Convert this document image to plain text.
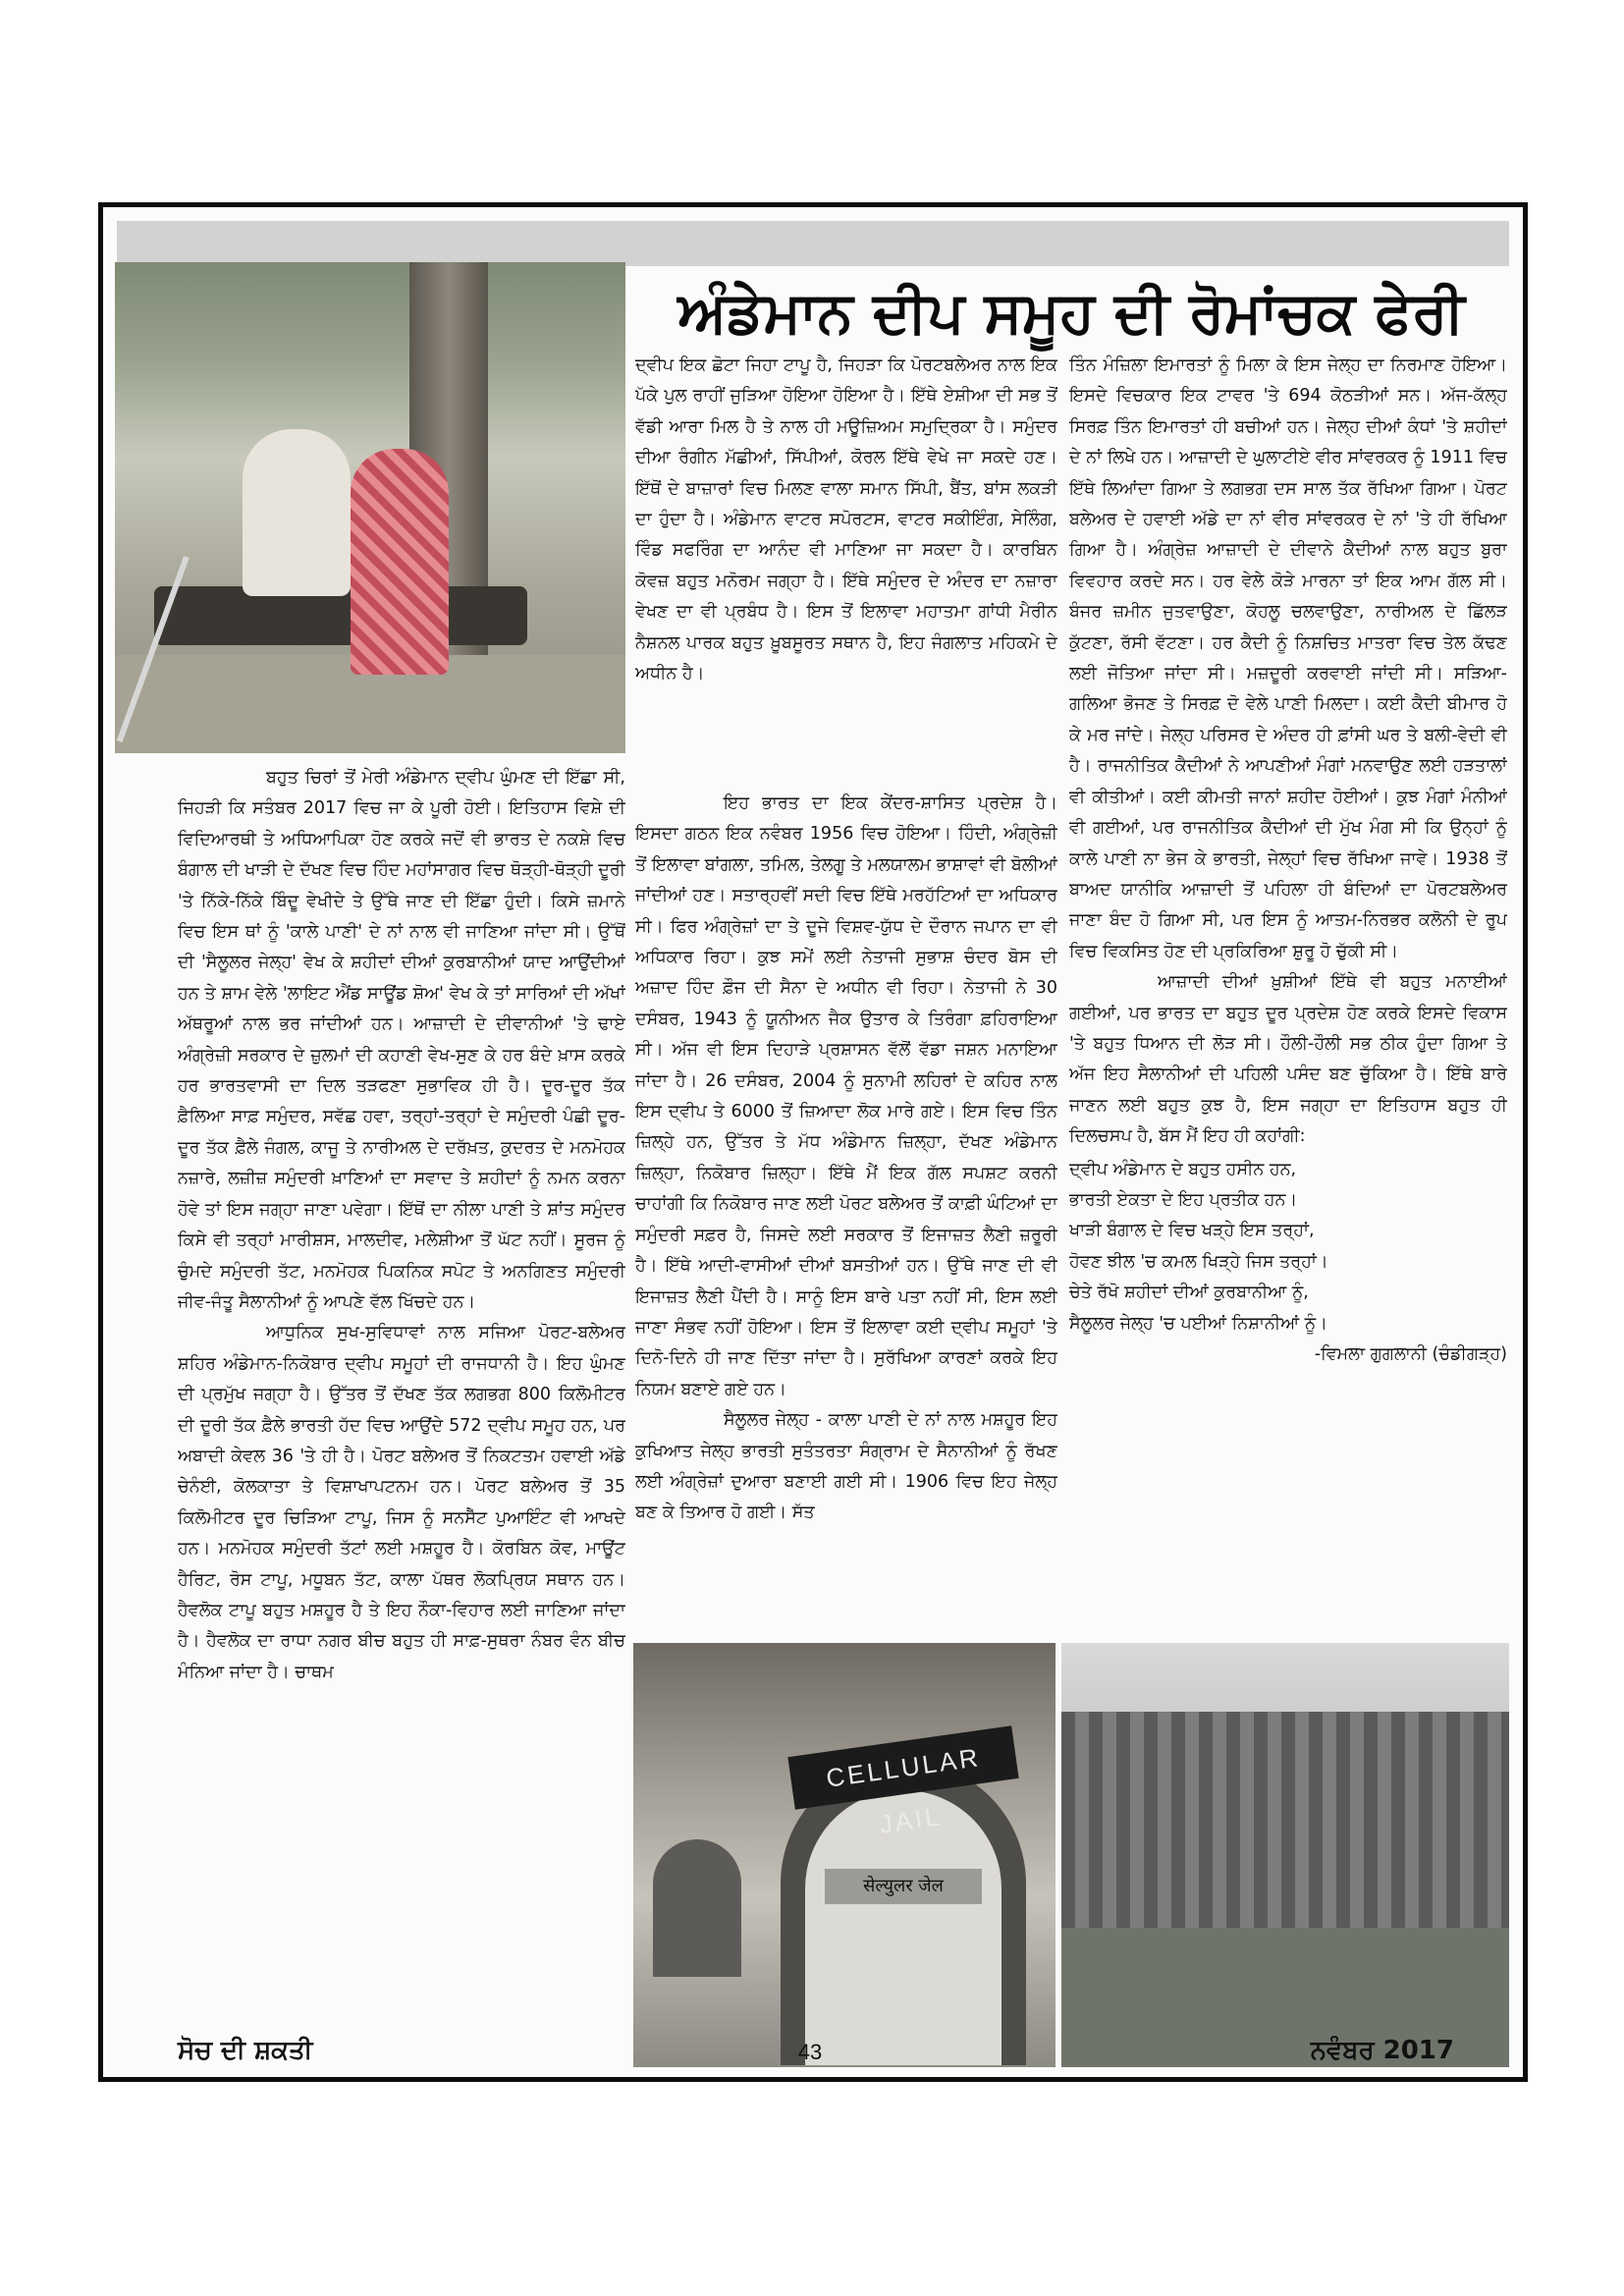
ਅੰਡੇਮਾਨ ਦੀਪ ਸਮੂਹ ਦੀ ਰੋਮਾਂਚਕ ਫੇਰੀ

ਬਹੁਤ ਚਿਰਾਂ ਤੋਂ ਮੇਰੀ ਅੰਡੇਮਾਨ ਦ੍ਵੀਪ ਘੁੰਮਣ ਦੀ ਇੱਛਾ ਸੀ, ਜਿਹੜੀ ਕਿ ਸਤੰਬਰ 2017 ਵਿਚ ਜਾ ਕੇ ਪੂਰੀ ਹੋਈ। ਇਤਿਹਾਸ ਵਿਸ਼ੇ ਦੀ ਵਿਦਿਆਰਥੀ ਤੇ ਅਧਿਆਪਿਕਾ ਹੋਣ ਕਰਕੇ ਜਦੋਂ ਵੀ ਭਾਰਤ ਦੇ ਨਕਸ਼ੇ ਵਿਚ ਬੰਗਾਲ ਦੀ ਖਾੜੀ ਦੇ ਦੱਖਣ ਵਿਚ ਹਿੰਦ ਮਹਾਂਸਾਗਰ ਵਿਚ ਥੋੜ੍ਹੀ-ਥੋੜ੍ਹੀ ਦੂਰੀ 'ਤੇ ਨਿੱਕੇ-ਨਿੱਕੇ ਬਿੰਦੂ ਵੇਖੀਦੇ ਤੇ ਉੱਥੇ ਜਾਣ ਦੀ ਇੱਛਾ ਹੁੰਦੀ। ਕਿਸੇ ਜ਼ਮਾਨੇ ਵਿਚ ਇਸ ਥਾਂ ਨੂੰ 'ਕਾਲੇ ਪਾਣੀ' ਦੇ ਨਾਂ ਨਾਲ ਵੀ ਜਾਣਿਆ ਜਾਂਦਾ ਸੀ। ਉੱਥੋਂ ਦੀ 'ਸੈਲੂਲਰ ਜੇਲ੍ਹ' ਵੇਖ ਕੇ ਸ਼ਹੀਦਾਂ ਦੀਆਂ ਕੁਰਬਾਨੀਆਂ ਯਾਦ ਆਉਂਦੀਆਂ ਹਨ ਤੇ ਸ਼ਾਮ ਵੇਲੇ 'ਲਾਇਟ ਐਂਡ ਸਾਊਂਡ ਸ਼ੋਅ' ਵੇਖ ਕੇ ਤਾਂ ਸਾਰਿਆਂ ਦੀ ਅੱਖਾਂ ਅੱਥਰੂਆਂ ਨਾਲ ਭਰ ਜਾਂਦੀਆਂ ਹਨ। ਆਜ਼ਾਦੀ ਦੇ ਦੀਵਾਨੀਆਂ 'ਤੇ ਢਾਏ ਅੰਗ੍ਰੇਜ਼ੀ ਸਰਕਾਰ ਦੇ ਜ਼ੁਲਮਾਂ ਦੀ ਕਹਾਣੀ ਵੇਖ-ਸੁਣ ਕੇ ਹਰ ਬੰਦੇ ਖ਼ਾਸ ਕਰਕੇ ਹਰ ਭਾਰਤਵਾਸੀ ਦਾ ਦਿਲ ਤੜਫਣਾ ਸੁਭਾਵਿਕ ਹੀ ਹੈ। ਦੂਰ-ਦੂਰ ਤੱਕ ਫ਼ੈਲਿਆ ਸਾਫ਼ ਸਮੁੰਦਰ, ਸਵੱਛ ਹਵਾ, ਤਰ੍ਹਾਂ-ਤਰ੍ਹਾਂ ਦੇ ਸਮੁੰਦਰੀ ਪੰਛੀ ਦੂਰ-ਦੂਰ ਤੱਕ ਫ਼ੈਲੇ ਜੰਗਲ, ਕਾਜੂ ਤੇ ਨਾਰੀਅਲ ਦੇ ਦਰੱਖ਼ਤ, ਕੁਦਰਤ ਦੇ ਮਨਮੋਹਕ ਨਜ਼ਾਰੇ, ਲਜ਼ੀਜ਼ ਸਮੁੰਦਰੀ ਖ਼ਾਣਿਆਂ ਦਾ ਸਵਾਦ ਤੇ ਸ਼ਹੀਦਾਂ ਨੂੰ ਨਮਨ ਕਰਨਾ ਹੋਵੇ ਤਾਂ ਇਸ ਜਗ੍ਹਾ ਜਾਣਾ ਪਵੇਗਾ। ਇੱਥੋਂ ਦਾ ਨੀਲਾ ਪਾਣੀ ਤੇ ਸ਼ਾਂਤ ਸਮੁੰਦਰ ਕਿਸੇ ਵੀ ਤਰ੍ਹਾਂ ਮਾਰੀਸ਼ਸ, ਮਾਲਦੀਵ, ਮਲੇਸ਼ੀਆ ਤੋਂ ਘੱਟ ਨਹੀਂ। ਸੂਰਜ ਨੂੰ ਚੁੰਮਦੇ ਸਮੁੰਦਰੀ ਤੱਟ, ਮਨਮੋਹਕ ਪਿਕਨਿਕ ਸਪੋਟ ਤੇ ਅਨਗਿਣਤ ਸਮੁੰਦਰੀ ਜੀਵ-ਜੰਤੂ ਸੈਲਾਨੀਆਂ ਨੂੰ ਆਪਣੇ ਵੱਲ ਖਿੱਚਦੇ ਹਨ।

ਆਧੁਨਿਕ ਸੁਖ-ਸੁਵਿਧਾਵਾਂ ਨਾਲ ਸਜਿਆ ਪੋਰਟ-ਬਲੇਅਰ ਸ਼ਹਿਰ ਅੰਡੇਮਾਨ-ਨਿਕੋਬਾਰ ਦ੍ਵੀਪ ਸਮੂਹਾਂ ਦੀ ਰਾਜਧਾਨੀ ਹੈ। ਇਹ ਘੁੰਮਣ ਦੀ ਪ੍ਰਮੁੱਖ ਜਗ੍ਹਾ ਹੈ। ਉੱਤਰ ਤੋਂ ਦੱਖਣ ਤੱਕ ਲਗਭਗ 800 ਕਿਲੋਮੀਟਰ ਦੀ ਦੂਰੀ ਤੱਕ ਫ਼ੈਲੇ ਭਾਰਤੀ ਹੱਦ ਵਿਚ ਆਉਂਦੇ 572 ਦ੍ਵੀਪ ਸਮੂਹ ਹਨ, ਪਰ ਅਬਾਦੀ ਕੇਵਲ 36 'ਤੇ ਹੀ ਹੈ। ਪੋਰਟ ਬਲੇਅਰ ਤੋਂ ਨਿਕਟਤਮ ਹਵਾਈ ਅੱਡੇ ਚੇਨੰਈ, ਕੋਲਕਾਤਾ ਤੇ ਵਿਸ਼ਾਖਾਪਟਨਮ ਹਨ। ਪੋਰਟ ਬਲੇਅਰ ਤੋਂ 35 ਕਿਲੋਮੀਟਰ ਦੂਰ ਚਿੜਿਆ ਟਾਪੂ, ਜਿਸ ਨੂੰ ਸਨਸੈੱਟ ਪੁਆਇੰਟ ਵੀ ਆਖਦੇ ਹਨ। ਮਨਮੋਹਕ ਸਮੁੰਦਰੀ ਤੱਟਾਂ ਲਈ ਮਸ਼ਹੂਰ ਹੈ। ਕੋਰਬਿਨ ਕੋਵ, ਮਾਊਂਟ ਹੈਰਿਟ, ਰੋਸ ਟਾਪੂ, ਮਧੂਬਨ ਤੱਟ, ਕਾਲਾ ਪੱਥਰ ਲੋਕਪ੍ਰਿਯ ਸਥਾਨ ਹਨ। ਹੈਵਲੋਕ ਟਾਪੂ ਬਹੁਤ ਮਸ਼ਹੂਰ ਹੈ ਤੇ ਇਹ ਨੌਕਾ-ਵਿਹਾਰ ਲਈ ਜਾਣਿਆ ਜਾਂਦਾ ਹੈ। ਹੈਵਲੋਕ ਦਾ ਰਾਧਾ ਨਗਰ ਬੀਚ ਬਹੁਤ ਹੀ ਸਾਫ਼-ਸੁਥਰਾ ਨੰਬਰ ਵੰਨ ਬੀਚ ਮੰਨਿਆ ਜਾਂਦਾ ਹੈ। ਚਾਥਮ

ਦ੍ਵੀਪ ਇਕ ਛੋਟਾ ਜਿਹਾ ਟਾਪੂ ਹੈ, ਜਿਹੜਾ ਕਿ ਪੋਰਟਬਲੇਅਰ ਨਾਲ ਇਕ ਪੱਕੇ ਪੁਲ ਰਾਹੀਂ ਜੁੜਿਆ ਹੋਇਆ ਹੋਇਆ ਹੈ। ਇੱਥੇ ਏਸ਼ੀਆ ਦੀ ਸਭ ਤੋਂ ਵੱਡੀ ਆਰਾ ਮਿਲ ਹੈ ਤੇ ਨਾਲ ਹੀ ਮਊਜ਼ਿਅਮ ਸਮੁਦ੍ਰਿਕਾ ਹੈ। ਸਮੁੰਦਰ ਦੀਆ ਰੰਗੀਨ ਮੱਛੀਆਂ, ਸਿੱਪੀਆਂ, ਕੋਰਲ ਇੱਥੇ ਵੇਖੇ ਜਾ ਸਕਦੇ ਹਣ। ਇੱਥੋਂ ਦੇ ਬਾਜ਼ਾਰਾਂ ਵਿਚ ਮਿਲਣ ਵਾਲਾ ਸਮਾਨ ਸਿੱਪੀ, ਬੈਂਤ, ਬਾਂਸ ਲਕੜੀ ਦਾ ਹੁੰਦਾ ਹੈ। ਅੰਡੇਮਾਨ ਵਾਟਰ ਸਪੋਰਟਸ, ਵਾਟਰ ਸਕੀਇੰਗ, ਸੇਲਿੰਗ, ਵਿੰਡ ਸਫਰਿੰਗ ਦਾ ਆਨੰਦ ਵੀ ਮਾਣਿਆ ਜਾ ਸਕਦਾ ਹੈ। ਕਾਰਬਿਨ ਕੋਵਜ਼ ਬਹੁਤ ਮਨੋਰਮ ਜਗ੍ਹਾ ਹੈ। ਇੱਥੇ ਸਮੁੰਦਰ ਦੇ ਅੰਦਰ ਦਾ ਨਜ਼ਾਰਾ ਵੇਖਣ ਦਾ ਵੀ ਪ੍ਰਬੰਧ ਹੈ। ਇਸ ਤੋਂ ਇਲਾਵਾ ਮਹਾਤਮਾ ਗਾਂਧੀ ਮੈਰੀਨ ਨੈਸ਼ਨਲ ਪਾਰਕ ਬਹੁਤ ਖ਼ੂਬਸੂਰਤ ਸਥਾਨ ਹੈ, ਇਹ ਜੰਗਲਾਤ ਮਹਿਕਮੇ ਦੇ ਅਧੀਨ ਹੈ।

ਇਹ ਭਾਰਤ ਦਾ ਇਕ ਕੇਂਦਰ-ਸ਼ਾਸਿਤ ਪ੍ਰਦੇਸ਼ ਹੈ। ਇਸਦਾ ਗਠਨ ਇਕ ਨਵੰਬਰ 1956 ਵਿਚ ਹੋਇਆ। ਹਿੰਦੀ, ਅੰਗ੍ਰੇਜ਼ੀ ਤੋਂ ਇਲਾਵਾ ਬਾਂਗਲਾ, ਤਮਿਲ, ਤੇਲਗੂ ਤੇ ਮਲਯਾਲਮ ਭਾਸ਼ਾਵਾਂ ਵੀ ਬੋਲੀਆਂ ਜਾਂਦੀਆਂ ਹਣ। ਸਤਾਰ੍ਹਵੀਂ ਸਦੀ ਵਿਚ ਇੱਥੇ ਮਰਹੱਟਿਆਂ ਦਾ ਅਧਿਕਾਰ ਸੀ। ਫਿਰ ਅੰਗ੍ਰੇਜ਼ਾਂ ਦਾ ਤੇ ਦੂਜੇ ਵਿਸ਼ਵ-ਯੁੱਧ ਦੇ ਦੌਰਾਨ ਜਪਾਨ ਦਾ ਵੀ ਅਧਿਕਾਰ ਰਿਹਾ। ਕੁਝ ਸਮੇਂ ਲਈ ਨੇਤਾਜੀ ਸੁਭਾਸ਼ ਚੰਦਰ ਬੋਸ ਦੀ ਅਜ਼ਾਦ ਹਿੰਦ ਫ਼ੌਜ ਦੀ ਸੈਨਾ ਦੇ ਅਧੀਨ ਵੀ ਰਿਹਾ। ਨੇਤਾਜੀ ਨੇ 30 ਦਸੰਬਰ, 1943 ਨੂੰ ਯੂਨੀਅਨ ਜੈਕ ਉਤਾਰ ਕੇ ਤਿਰੰਗਾ ਫ਼ਹਿਰਾਇਆ ਸੀ। ਅੱਜ ਵੀ ਇਸ ਦਿਹਾੜੇ ਪ੍ਰਸ਼ਾਸਨ ਵੱਲੋਂ ਵੱਡਾ ਜਸ਼ਨ ਮਨਾਇਆ ਜਾਂਦਾ ਹੈ। 26 ਦਸੰਬਰ, 2004 ਨੂੰ ਸੁਨਾਮੀ ਲਹਿਰਾਂ ਦੇ ਕਹਿਰ ਨਾਲ ਇਸ ਦ੍ਵੀਪ ਤੇ 6000 ਤੋਂ ਜ਼ਿਆਦਾ ਲੋਕ ਮਾਰੇ ਗਏ। ਇਸ ਵਿਚ ਤਿੰਨ ਜ਼ਿਲ੍ਹੇ ਹਨ, ਉੱਤਰ ਤੇ ਮੱਧ ਅੰਡੇਮਾਨ ਜ਼ਿਲ੍ਹਾ, ਦੱਖਣ ਅੰਡੇਮਾਨ ਜ਼ਿਲ੍ਹਾ, ਨਿਕੋਬਾਰ ਜ਼ਿਲ੍ਹਾ। ਇੱਥੇ ਮੈਂ ਇਕ ਗੱਲ ਸਪਸ਼ਟ ਕਰਨੀ ਚਾਹਾਂਗੀ ਕਿ ਨਿਕੋਬਾਰ ਜਾਣ ਲਈ ਪੋਰਟ ਬਲੇਅਰ ਤੋਂ ਕਾਫ਼ੀ ਘੰਟਿਆਂ ਦਾ ਸਮੁੰਦਰੀ ਸਫ਼ਰ ਹੈ, ਜਿਸਦੇ ਲਈ ਸਰਕਾਰ ਤੋਂ ਇਜਾਜ਼ਤ ਲੈਣੀ ਜ਼ਰੂਰੀ ਹੈ। ਇੱਥੇ ਆਦੀ-ਵਾਸੀਆਂ ਦੀਆਂ ਬਸਤੀਆਂ ਹਨ। ਉੱਥੇ ਜਾਣ ਦੀ ਵੀ ਇਜਾਜ਼ਤ ਲੈਣੀ ਪੈਂਦੀ ਹੈ। ਸਾਨੂੰ ਇਸ ਬਾਰੇ ਪਤਾ ਨਹੀਂ ਸੀ, ਇਸ ਲਈ ਜਾਣਾ ਸੰਭਵ ਨਹੀਂ ਹੋਇਆ। ਇਸ ਤੋਂ ਇਲਾਵਾ ਕਈ ਦ੍ਵੀਪ ਸਮੂਹਾਂ 'ਤੇ ਦਿਨੋ-ਦਿਨੇ ਹੀ ਜਾਣ ਦਿੱਤਾ ਜਾਂਦਾ ਹੈ। ਸੁਰੱਖਿਆ ਕਾਰਣਾਂ ਕਰਕੇ ਇਹ ਨਿਯਮ ਬਣਾਏ ਗਏ ਹਨ।

ਸੈਲੂਲਰ ਜੇਲ੍ਹ - ਕਾਲਾ ਪਾਣੀ ਦੇ ਨਾਂ ਨਾਲ ਮਸ਼ਹੂਰ ਇਹ ਕੁਖਿਆਤ ਜੇਲ੍ਹ ਭਾਰਤੀ ਸੁਤੰਤਰਤਾ ਸੰਗ੍ਰਾਮ ਦੇ ਸੈਨਾਨੀਆਂ ਨੂੰ ਰੱਖਣ ਲਈ ਅੰਗ੍ਰੇਜ਼ਾਂ ਦੁਆਰਾ ਬਣਾਈ ਗਈ ਸੀ। 1906 ਵਿਚ ਇਹ ਜੇਲ੍ਹ ਬਣ ਕੇ ਤਿਆਰ ਹੋ ਗਈ। ਸੱਤ

ਤਿੰਨ ਮੰਜ਼ਿਲਾ ਇਮਾਰਤਾਂ ਨੂੰ ਮਿਲਾ ਕੇ ਇਸ ਜੇਲ੍ਹ ਦਾ ਨਿਰਮਾਣ ਹੋਇਆ। ਇਸਦੇ ਵਿਚਕਾਰ ਇਕ ਟਾਵਰ 'ਤੇ 694 ਕੋਠੜੀਆਂ ਸਨ। ਅੱਜ-ਕੱਲ੍ਹ ਸਿਰਫ਼ ਤਿੰਨ ਇਮਾਰਤਾਂ ਹੀ ਬਚੀਆਂ ਹਨ। ਜੇਲ੍ਹ ਦੀਆਂ ਕੰਧਾਂ 'ਤੇ ਸ਼ਹੀਦਾਂ ਦੇ ਨਾਂ ਲਿਖੇ ਹਨ। ਆਜ਼ਾਦੀ ਦੇ ਘੁਲਾਟੀਏ ਵੀਰ ਸਾਂਵਰਕਰ ਨੂੰ 1911 ਵਿਚ ਇੱਥੇ ਲਿਆਂਦਾ ਗਿਆ ਤੇ ਲਗਭਗ ਦਸ ਸਾਲ ਤੱਕ ਰੱਖਿਆ ਗਿਆ। ਪੋਰਟ ਬਲੇਅਰ ਦੇ ਹਵਾਈ ਅੱਡੇ ਦਾ ਨਾਂ ਵੀਰ ਸਾਂਵਰਕਰ ਦੇ ਨਾਂ 'ਤੇ ਹੀ ਰੱਖਿਆ ਗਿਆ ਹੈ। ਅੰਗ੍ਰੇਜ਼ ਆਜ਼ਾਦੀ ਦੇ ਦੀਵਾਨੇ ਕੈਦੀਆਂ ਨਾਲ ਬਹੁਤ ਬੁਰਾ ਵਿਵਹਾਰ ਕਰਦੇ ਸਨ। ਹਰ ਵੇਲੇ ਕੋੜੇ ਮਾਰਨਾ ਤਾਂ ਇਕ ਆਮ ਗੱਲ ਸੀ। ਬੰਜਰ ਜ਼ਮੀਨ ਜੁਤਵਾਉਣਾ, ਕੋਹਲੂ ਚਲਵਾਉਣਾ, ਨਾਰੀਅਲ ਦੇ ਛਿੱਲੜ ਕੁੱਟਣਾ, ਰੱਸੀ ਵੱਟਣਾ। ਹਰ ਕੈਦੀ ਨੂੰ ਨਿਸ਼ਚਿਤ ਮਾਤਰਾ ਵਿਚ ਤੇਲ ਕੱਢਣ ਲਈ ਜੋਤਿਆ ਜਾਂਦਾ ਸੀ। ਮਜ਼ਦੂਰੀ ਕਰਵਾਈ ਜਾਂਦੀ ਸੀ। ਸੜਿਆ-ਗਲਿਆ ਭੋਜਣ ਤੇ ਸਿਰਫ਼ ਦੋ ਵੇਲੇ ਪਾਣੀ ਮਿਲਦਾ। ਕਈ ਕੈਦੀ ਬੀਮਾਰ ਹੋ ਕੇ ਮਰ ਜਾਂਦੇ। ਜੇਲ੍ਹ ਪਰਿਸਰ ਦੇ ਅੰਦਰ ਹੀ ਫ਼ਾਂਸੀ ਘਰ ਤੇ ਬਲੀ-ਵੇਦੀ ਵੀ ਹੈ। ਰਾਜਨੀਤਿਕ ਕੈਦੀਆਂ ਨੇ ਆਪਣੀਆਂ ਮੰਗਾਂ ਮਨਵਾਉਣ ਲਈ ਹੜਤਾਲਾਂ ਵੀ ਕੀਤੀਆਂ। ਕਈ ਕੀਮਤੀ ਜਾਨਾਂ ਸ਼ਹੀਦ ਹੋਈਆਂ। ਕੁਝ ਮੰਗਾਂ ਮੰਨੀਆਂ ਵੀ ਗਈਆਂ, ਪਰ ਰਾਜਨੀਤਿਕ ਕੈਦੀਆਂ ਦੀ ਮੁੱਖ ਮੰਗ ਸੀ ਕਿ ਉਨ੍ਹਾਂ ਨੂੰ ਕਾਲੇ ਪਾਣੀ ਨਾ ਭੇਜ ਕੇ ਭਾਰਤੀ, ਜੇਲ੍ਹਾਂ ਵਿਚ ਰੱਖਿਆ ਜਾਵੇ। 1938 ਤੋਂ ਬਾਅਦ ਯਾਨੀਕਿ ਆਜ਼ਾਦੀ ਤੋਂ ਪਹਿਲਾ ਹੀ ਬੰਦਿਆਂ ਦਾ ਪੋਰਟਬਲੇਅਰ ਜਾਣਾ ਬੰਦ ਹੋ ਗਿਆ ਸੀ, ਪਰ ਇਸ ਨੂੰ ਆਤਮ-ਨਿਰਭਰ ਕਲੋਨੀ ਦੇ ਰੂਪ ਵਿਚ ਵਿਕਸਿਤ ਹੋਣ ਦੀ ਪ੍ਰਕਿਰਿਆ ਸ਼ੁਰੂ ਹੋ ਚੁੱਕੀ ਸੀ।

ਆਜ਼ਾਦੀ ਦੀਆਂ ਖ਼ੁਸ਼ੀਆਂ ਇੱਥੇ ਵੀ ਬਹੁਤ ਮਨਾਈਆਂ ਗਈਆਂ, ਪਰ ਭਾਰਤ ਦਾ ਬਹੁਤ ਦੂਰ ਪ੍ਰਦੇਸ਼ ਹੋਣ ਕਰਕੇ ਇਸਦੇ ਵਿਕਾਸ 'ਤੇ ਬਹੁਤ ਧਿਆਨ ਦੀ ਲੋੜ ਸੀ। ਹੌਲੀ-ਹੌਲੀ ਸਭ ਠੀਕ ਹੁੰਦਾ ਗਿਆ ਤੇ ਅੱਜ ਇਹ ਸੈਲਾਨੀਆਂ ਦੀ ਪਹਿਲੀ ਪਸੰਦ ਬਣ ਚੁੱਕਿਆ ਹੈ। ਇੱਥੇ ਬਾਰੇ ਜਾਣਨ ਲਈ ਬਹੁਤ ਕੁਝ ਹੈ, ਇਸ ਜਗ੍ਹਾ ਦਾ ਇਤਿਹਾਸ ਬਹੁਤ ਹੀ ਦਿਲਚਸਪ ਹੈ, ਬੱਸ ਮੈਂ ਇਹ ਹੀ ਕਹਾਂਗੀ:

ਦ੍ਵੀਪ ਅੰਡੇਮਾਨ ਦੇ ਬਹੁਤ ਹਸੀਨ ਹਨ,
ਭਾਰਤੀ ਏਕਤਾ ਦੇ ਇਹ ਪ੍ਰਤੀਕ ਹਨ।
ਖਾੜੀ ਬੰਗਾਲ ਦੇ ਵਿਚ ਖੜ੍ਹੇ ਇਸ ਤਰ੍ਹਾਂ,
ਹੋਵਣ ਝੀਲ 'ਚ ਕਮਲ ਖਿੜ੍ਹੇ ਜਿਸ ਤਰ੍ਹਾਂ।
ਚੇਤੇ ਰੱਖੋ ਸ਼ਹੀਦਾਂ ਦੀਆਂ ਕੁਰਬਾਨੀਆ ਨੂੰ,
ਸੈਲੂਲਰ ਜੇਲ੍ਹ 'ਚ ਪਈਆਂ ਨਿਸ਼ਾਨੀਆਂ ਨੂੰ।
-ਵਿਮਲਾ ਗੁਗਲਾਨੀ (ਚੰਡੀਗੜ੍ਹ)
CELLULAR JAIL
सेल्युलर जेल
ਸੋਚ ਦੀ ਸ਼ਕਤੀ	43	ਨਵੰਬਰ 2017
